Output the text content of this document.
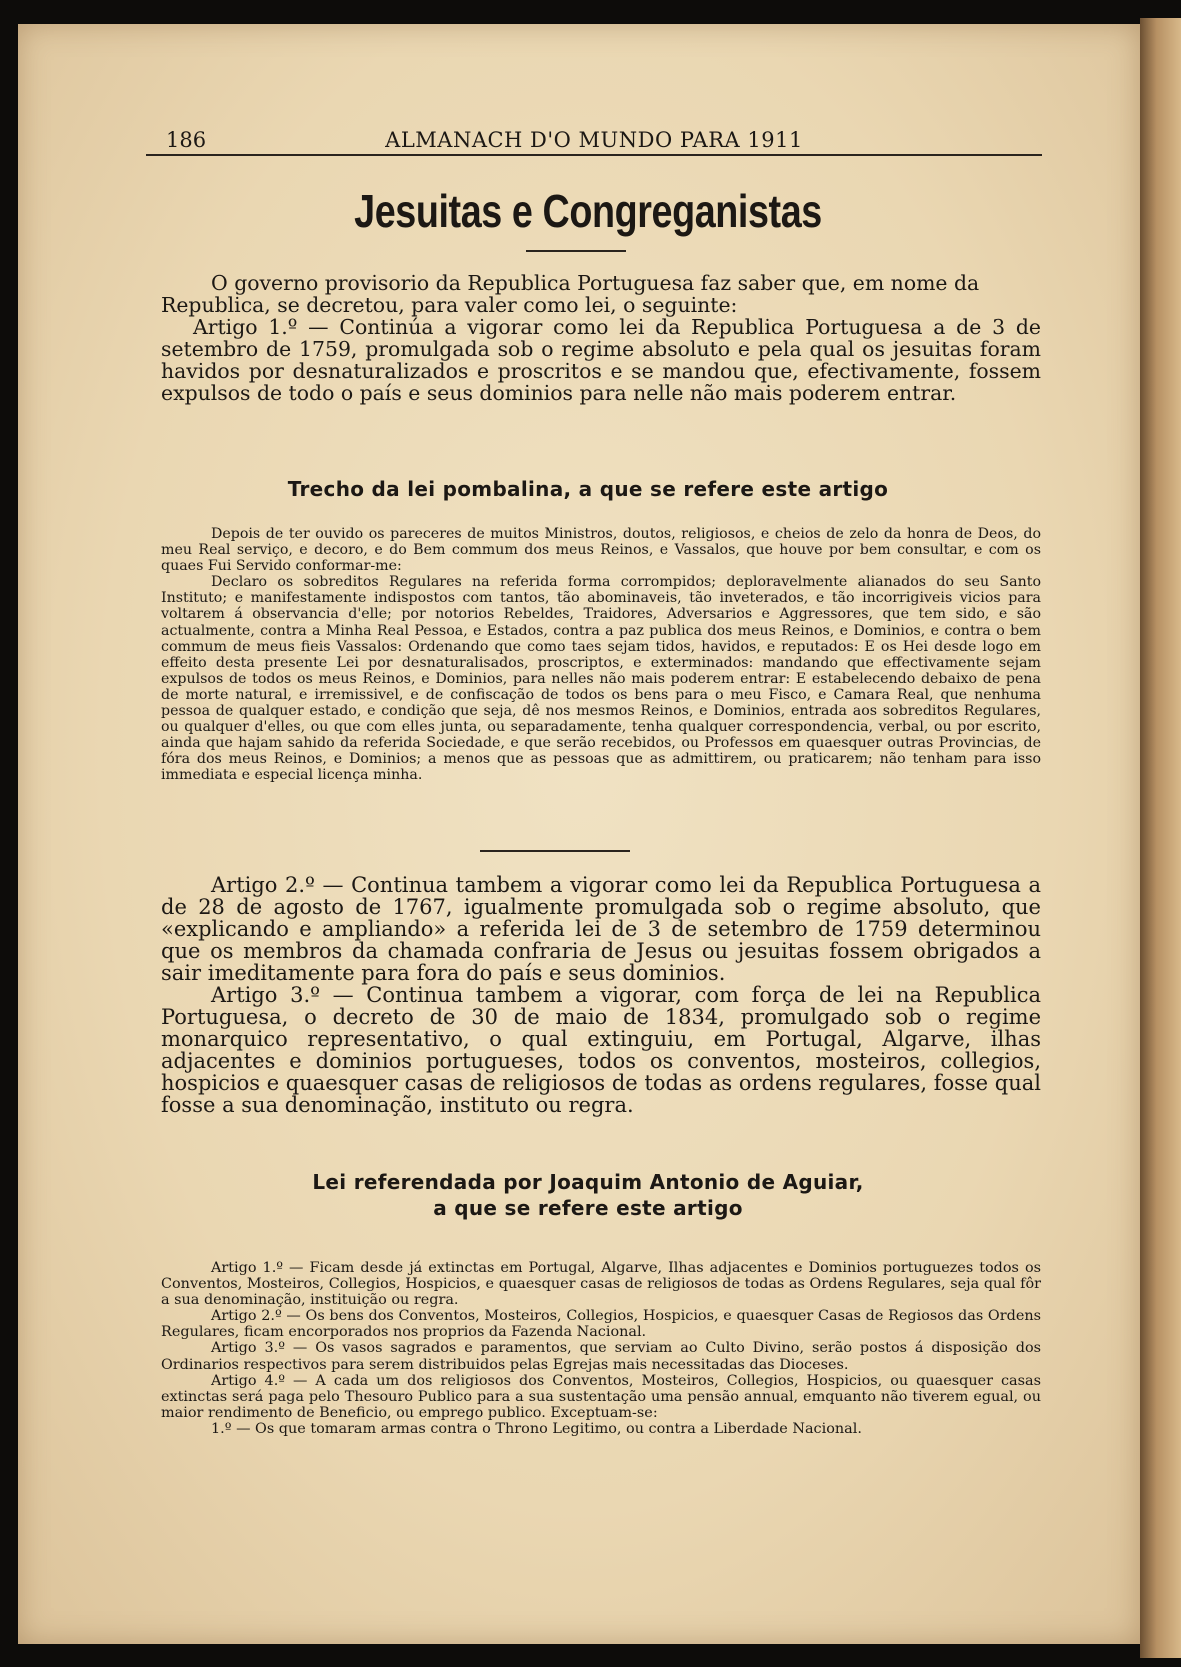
186	ALMANACH D'O MUNDO PARA 1911
Jesuitas e Congreganistas
O governo provisorio da Republica Portuguesa faz saber que, em nome da
Republica, se decretou, para valer como lei, o seguinte:
Artigo 1.º — Continúa a vigorar como lei da Republica Portuguesa a de 3 de setembro de 1759, promulgada sob o regime absoluto e pela qual os jesuitas foram havidos por desnaturalizados e proscritos e se mandou que, efectivamente, fossem expulsos de todo o país e seus dominios para nelle não mais poderem entrar.
Trecho da lei pombalina, a que se refere este artigo
Depois de ter ouvido os pareceres de muitos Ministros, doutos, religiosos, e cheios de zelo da honra de Deos, do meu Real serviço, e decoro, e do Bem commum dos meus Reinos, e Vassalos, que houve por bem consultar, e com os quaes Fui Servido conformar-me:
Declaro os sobreditos Regulares na referida forma corrompidos; deploravelmente alianados do seu Santo Instituto; e manifestamente indispostos com tantos, tão abominaveis, tão inveterados, e tão incorrigiveis vicios para voltarem á observancia d'elle; por notorios Rebeldes, Traidores, Adversarios e Aggressores, que tem sido, e são actualmente, contra a Minha Real Pessoa, e Estados, contra a paz publica dos meus Reinos, e Dominios, e contra o bem commum de meus fieis Vassalos: Ordenando que como taes sejam tidos, havidos, e reputados: E os Hei desde logo em effeito desta presente Lei por desnaturalisados, proscriptos, e exterminados: mandando que effectivamente sejam expulsos de todos os meus Reinos, e Dominios, para nelles não mais poderem entrar: E estabelecendo debaixo de pena de morte natural, e irremissivel, e de confiscação de todos os bens para o meu Fisco, e Camara Real, que nenhuma pessoa de qualquer estado, e condição que seja, dê nos mesmos Reinos, e Dominios, entrada aos sobreditos Regulares, ou qualquer d'elles, ou que com elles junta, ou separadamente, tenha qualquer correspondencia, verbal, ou por escrito, ainda que hajam sahido da referida Sociedade, e que serão recebidos, ou Professos em quaesquer outras Provincias, de fóra dos meus Reinos, e Dominios; a menos que as pessoas que as admittirem, ou praticarem; não tenham para isso immediata e especial licença minha.
Artigo 2.º — Continua tambem a vigorar como lei da Republica Portuguesa a de 28 de agosto de 1767, igualmente promulgada sob o regime absoluto, que «explicando e ampliando» a referida lei de 3 de setembro de 1759 determinou que os membros da chamada confraria de Jesus ou jesuitas fossem obrigados a sair imeditamente para fora do país e seus dominios.
Artigo 3.º — Continua tambem a vigorar, com força de lei na Republica Portuguesa, o decreto de 30 de maio de 1834, promulgado sob o regime monarquico representativo, o qual extinguiu, em Portugal, Algarve, ilhas adjacentes e dominios portugueses, todos os conventos, mosteiros, collegios, hospicios e quaesquer casas de religiosos de todas as ordens regulares, fosse qual fosse a sua denominação, instituto ou regra.
Lei referendada por Joaquim Antonio de Aguiar,
a que se refere este artigo
Artigo 1.º — Ficam desde já extinctas em Portugal, Algarve, Ilhas adjacentes e Dominios portuguezes todos os Conventos, Mosteiros, Collegios, Hospicios, e quaesquer casas de religiosos de todas as Ordens Regulares, seja qual fôr a sua denominação, instituição ou regra.
Artigo 2.º — Os bens dos Conventos, Mosteiros, Collegios, Hospicios, e quaesquer Casas de Regiosos das Ordens Regulares, ficam encorporados nos proprios da Fazenda Nacional.
Artigo 3.º — Os vasos sagrados e paramentos, que serviam ao Culto Divino, serão postos á disposição dos Ordinarios respectivos para serem distribuidos pelas Egrejas mais necessitadas das Dioceses.
Artigo 4.º — A cada um dos religiosos dos Conventos, Mosteiros, Collegios, Hospicios, ou quaesquer casas extinctas será paga pelo Thesouro Publico para a sua sustentação uma pensão annual, emquanto não tiverem egual, ou maior rendimento de Beneficio, ou emprego publico. Exceptuam-se:
1.º — Os que tomaram armas contra o Throno Legitimo, ou contra a Liberdade Nacional.
